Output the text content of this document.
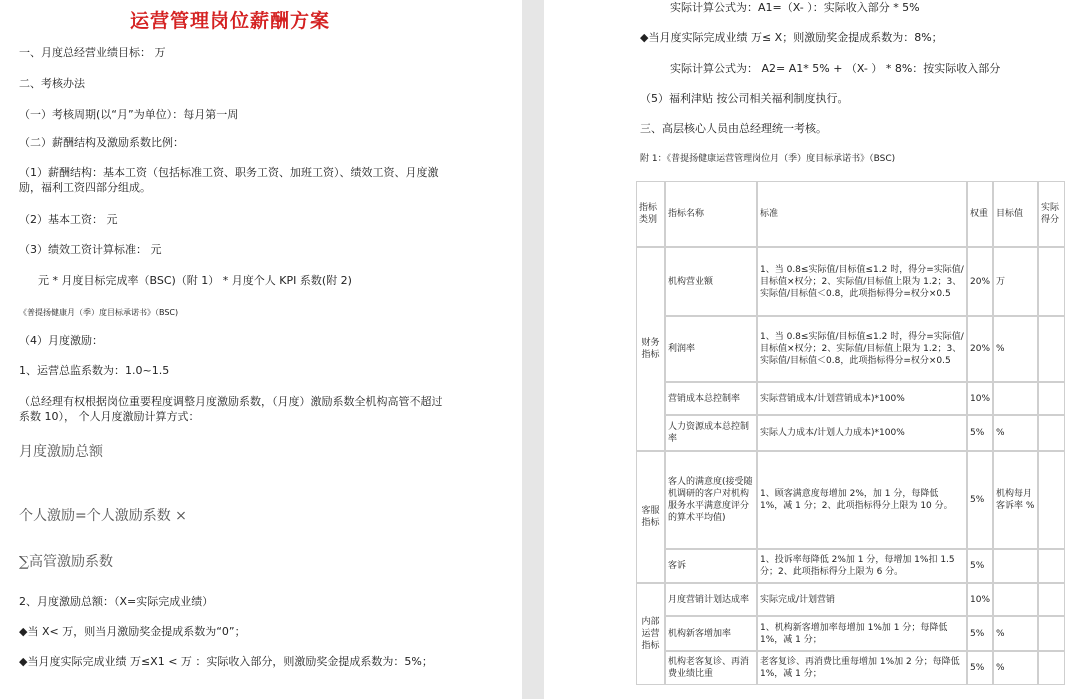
运营管理岗位薪酬方案
一、月度总经营业绩目标： 万
二、考核办法
（一）考核周期(以“月”为单位）：每月第一周
（二）薪酬结构及激励系数比例：
（1）薪酬结构：基本工资（包括标准工资、职务工资、加班工资）、绩效工资、月度激励，福利工资四部分组成。
（2）基本工资： 元
（3）绩效工资计算标准： 元
元 * 月度目标完成率（BSC)（附 1） * 月度个人 KPI 系数(附 2)
《普提扬健康月（季）度目标承诺书》（BSC)
（4）月度激励：
1、运营总监系数为：1.0~1.5
（总经理有权根据岗位重要程度调整月度激励系数，（月度）激励系数全机构高管不超过系数 10）， 个人月度激励计算方式：
月度激励总额
个人激励=个人激励系数 ×
∑高管激励系数
2、月度激励总额：（X=实际完成业绩）
◆当 X< 万，则当月激励奖金提成系数为“0”；
◆当月度实际完成业绩 万≤X1 < 万 ：实际收入部分，则激励奖金提成系数为：5%；
实际计算公式为：A1=（X- ）：实际收入部分 * 5%
◆当月度实际完成业绩 万≤ X；则激励奖金提成系数为：8%；
实际计算公式为： A2= A1* 5% + （X- ） * 8%：按实际收入部分
（5）福利津贴 按公司相关福利制度执行。
三、高层核心人员由总经理统一考核。
附 1：《普提扬健康运营管理岗位月（季）度目标承诺书》（BSC)
指标类别	指标名称	标准	权重	目标值	实际得分
财务指标	机构营业额	1、当 0.8≤实际值/目标值≤1.2 时，得分=实际值/目标值×权分；2、实际值/目标值上限为 1.2；3、实际值/目标值＜0.8，此项指标得分=权分×0.5	20%	万	
	利润率	1、当 0.8≤实际值/目标值≤1.2 时，得分=实际值/目标值×权分；2、实际值/目标值上限为 1.2；3、实际值/目标值＜0.8，此项指标得分=权分×0.5	20%	%	
	营销成本总控制率	实际营销成本/计划营销成本)*100%	10%		
	人力资源成本总控制率	实际人力成本/计划人力成本)*100%	5%	%	
客服指标	客人的满意度(接受随机调研的客户对机构服务水平满意度评分的算术平均值)	1、顾客满意度每增加 2%，加 1 分，每降低 1%，减 1 分；2、此项指标得分上限为 10 分。	5%	机构每月客诉率 %	
	客诉	1、投诉率每降低 2%加 1 分，每增加 1%扣 1.5 分；2、此项指标得分上限为 6 分。	5%		
内部运营指标	月度营销计划达成率	实际完成/计划营销	10%		
	机构新客增加率	1、机构新客增加率每增加 1%加 1 分；每降低 1%，减 1 分；	5%	%	
	机构老客复诊、再消费业绩比重	老客复诊、再消费比重每增加 1%加 2 分；每降低 1%，减 1 分；	5%	%	
